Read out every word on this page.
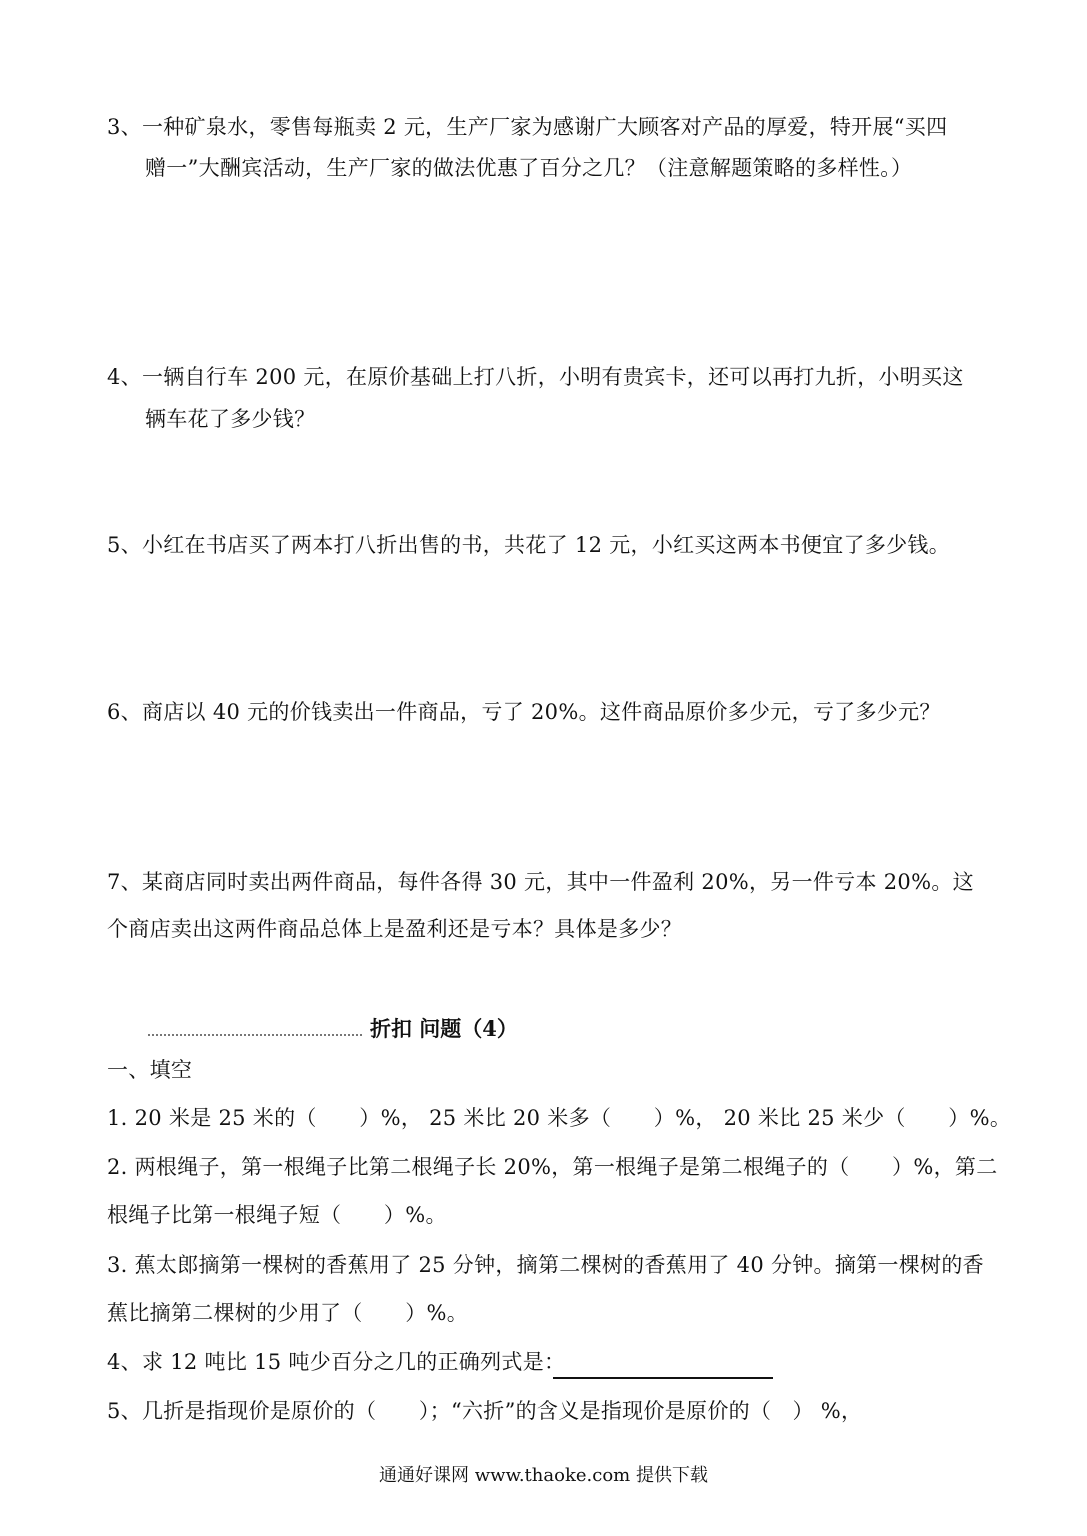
3、一种矿泉水，零售每瓶卖 2 元，生产厂家为感谢广大顾客对产品的厚爱，特开展“买四
赠一”大酬宾活动，生产厂家的做法优惠了百分之几？（注意解题策略的多样性。）
4、一辆自行车 200 元，在原价基础上打八折，小明有贵宾卡，还可以再打九折，小明买这
辆车花了多少钱？
5、小红在书店买了两本打八折出售的书，共花了 12 元，小红买这两本书便宜了多少钱。
6、商店以 40 元的价钱卖出一件商品，亏了 20%。这件商品原价多少元，亏了多少元？
7、某商店同时卖出两件商品，每件各得 30 元，其中一件盈利 20%，另一件亏本 20%。这
个商店卖出这两件商品总体上是盈利还是亏本？具体是多少？
折扣 问题（4）
一、填空
1. 20 米是 25 米的（　　）%， 25 米比 20 米多（　　）%， 20 米比 25 米少（　　）%。
2. 两根绳子，第一根绳子比第二根绳子长 20%，第一根绳子是第二根绳子的（　　）%，第二
根绳子比第一根绳子短（　　）%。
3. 蕉太郎摘第一棵树的香蕉用了 25 分钟，摘第二棵树的香蕉用了 40 分钟。摘第一棵树的香
蕉比摘第二棵树的少用了（　　）%。
4、求 12 吨比 15 吨少百分之几的正确列式是：
5、几折是指现价是原价的（　　）；“六折”的含义是指现价是原价的（　） %，
通通好课网 www.thaoke.com 提供下载
